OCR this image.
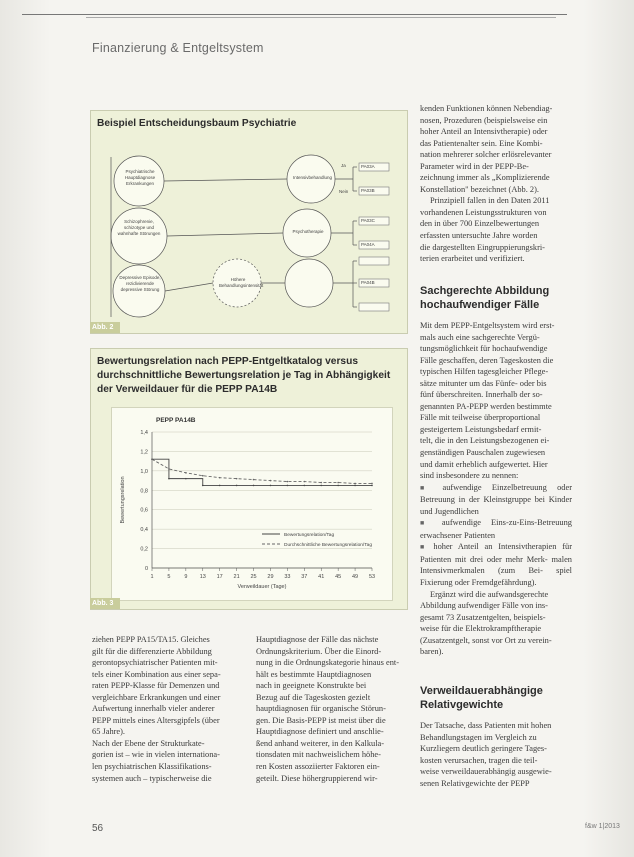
Finanzierung & Entgeltsystem
Beispiel Entscheidungsbaum Psychiatrie
Psychiatrische Hauptdiagnose Erkrankungen
Schizophrenie, schizotype und wahnhafte Störungen
Depressive Episode, rezidivierende depressive Störung
Intensivbehandlung
Psychotherapie
Höhere Behandlungsintensität
Ja
Nein
PA03A
PA03B
PA03C
PA04A
PA04B
Abb. 2
Bewertungsrelation nach PEPP-Entgeltkatalog versus durchschnittliche Bewertungsrelation je Tag in Abhängigkeit der Verweildauer für die PEPP PA14B
PEPP PA14B
1,4
1,2
1,0
0,8
0,6
0,4
0,2
0
1	5	9 13 17 21 25 29 33 37 41 45 49 53
Verweildauer (Tage)
Bewertungsrelation
Bewertungsrelation/Tag
Durchschnittliche Bewertungsrelation/Tag
Abb. 3

ziehen PEPP PA15/TA15. Gleiches

gilt für die differenzierte Abbildung

gerontopsychiatrischer Patienten mit-

tels einer Kombination aus einer sepa-

raten PEPP-Klasse für Demenzen und

vergleichbare Erkrankungen und einer

Aufwertung innerhalb vieler anderer

PEPP mittels eines Altersgipfels (über

65 Jahre).

Nach der Ebene der Strukturkate-

gorien ist – wie in vielen internationa-

len psychiatrischen Klassifikations-

systemen auch – typischerweise die

Hauptdiagnose der Fälle das nächste

Ordnungskriterium. Über die Einord-

nung in die Ordnungskategorie hinaus ent-

hält es bestimmte Hauptdiagnosen

nach in geeignete Konstrukte bei

Bezug auf die Tageskosten gezielt

hauptdiagnosen für organische Störun-

gen. Die Basis-PEPP ist meist über die

Hauptdiagnose definiert und anschlie-

ßend anhand weiterer, in den Kalkula-

tionsdaten mit nachweislichem höhe-

ren Kosten assoziierter Faktoren ein-

geteilt. Diese höhergruppierend wir-

kenden Funktionen können Nebendiag-

nosen, Prozeduren (beispielsweise ein

hoher Anteil an Intensivtherapie) oder

das Patientenalter sein. Eine Kombi-

nation mehrerer solcher erlösrelevanter

Parameter wird in der PEPP-Be-

zeichnung immer als „Komplizierende

Konstellation" bezeichnet (Abb. 2).

Prinzipiell fallen in den Daten 2011

vorhandenen Leistungsstrukturen von

den in über 700 Einzelbewertungen

erfassten untersuchte Jahre worden

die dargestellten Eingruppierungskri-

terien erarbeitet und verifiziert.

Sachgerechte Abbildung hochaufwendiger Fälle

Mit dem PEPP-Entgeltsystem wird erst-

mals auch eine sachgerechte Vergü-

tungsmöglichkeit für hochaufwendige

Fälle geschaffen, deren Tageskosten die

typischen Hilfen tagesgleicher Pflege-

sätze mitunter um das Fünfe- oder bis

fünf überschreiten. Innerhalb der so-

genannten PA-PEPP werden bestimmte

Fälle mit teilweise überproportional

gesteigertem Leistungsbedarf ermit-

telt, die in den Leistungsbezogenen ei-

genständigen Pauschalen zugewiesen

und damit erheblich aufgewertet. Hier

sind insbesondere zu nennen:

■ aufwendige Einzelbetreuung oder Betreuung in der Kleinstgruppe bei Kinder und Jugendlichen

■ aufwendige Eins-zu-Eins-Betreuung erwachsener Patienten

■ hoher Anteil an Intensivtherapien für Patienten mit drei oder mehr Merk- malen Intensivmerkmalen (zum Bei- spiel Fixierung oder Fremdgefährdung).

Ergänzt wird die aufwandsgerechte

Abbildung aufwendiger Fälle von ins-

gesamt 73 Zusatzentgelten, beispiels-

weise für die Elektrokrampftherapie

(Zusatzentgelt, sonst vor Ort zu verein-

baren).

Verweildauerabhängige Relativgewichte

Der Tatsache, dass Patienten mit hohen

Behandlungstagen im Vergleich zu

Kurzliegern deutlich geringere Tages-

kosten verursachen, tragen die teil-

weise verweildauerabhängig ausgewie-

senen Relativgewichte der PEPP

56	f&w 1|2013
